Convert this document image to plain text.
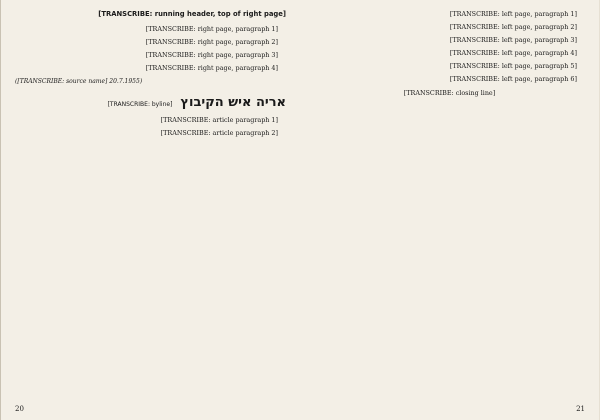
[TRANSCRIBE: running header, top of right page]

[TRANSCRIBE: right page, paragraph 1]

[TRANSCRIBE: right page, paragraph 2]

[TRANSCRIBE: right page, paragraph 3]

[TRANSCRIBE: right page, paragraph 4]

(20.7.1955 [TRANSCRIBE: source name])
אריה איש הקיבוץ
[TRANSCRIBE: byline]

[TRANSCRIBE: article paragraph 1]

[TRANSCRIBE: article paragraph 2]

20

[TRANSCRIBE: left page, paragraph 1]

[TRANSCRIBE: left page, paragraph 2]

[TRANSCRIBE: left page, paragraph 3]

[TRANSCRIBE: left page, paragraph 4]

[TRANSCRIBE: left page, paragraph 5]

[TRANSCRIBE: left page, paragraph 6]

[TRANSCRIBE: closing line]
21
